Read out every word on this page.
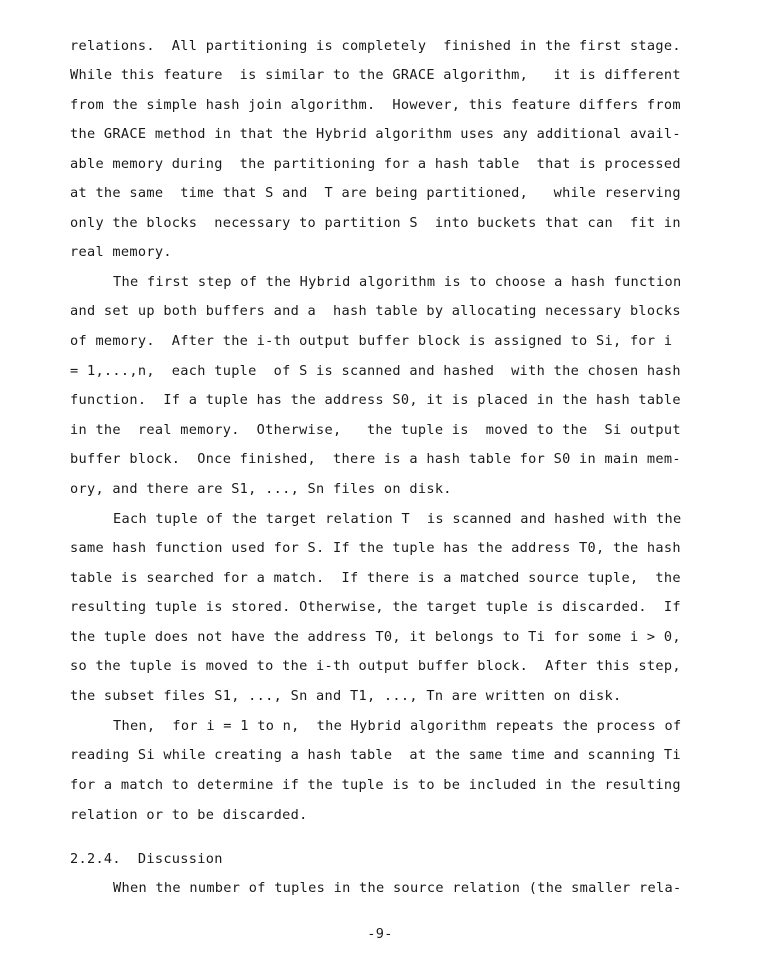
relations.  All partitioning is completely  finished in the first stage.
While this feature  is similar to the GRACE algorithm,   it is different
from the simple hash join algorithm.  However, this feature differs from
the GRACE method in that the Hybrid algorithm uses any additional avail-
able memory during  the partitioning for a hash table  that is processed
at the same  time that S and  T are being partitioned,   while reserving
only the blocks  necessary to partition S  into buckets that can  fit in
real memory.
The first step of the Hybrid algorithm is to choose a hash function
and set up both buffers and a  hash table by allocating necessary blocks
of memory.  After the i-th output buffer block is assigned to Si, for i
= 1,...,n,  each tuple  of S is scanned and hashed  with the chosen hash
function.  If a tuple has the address S0, it is placed in the hash table
in the  real memory.  Otherwise,   the tuple is  moved to the  Si output
buffer block.  Once finished,  there is a hash table for S0 in main mem-
ory, and there are S1, ..., Sn files on disk.
Each tuple of the target relation T  is scanned and hashed with the
same hash function used for S. If the tuple has the address T0, the hash
table is searched for a match.  If there is a matched source tuple,  the
resulting tuple is stored. Otherwise, the target tuple is discarded.  If
the tuple does not have the address T0, it belongs to Ti for some i > 0,
so the tuple is moved to the i-th output buffer block.  After this step,
the subset files S1, ..., Sn and T1, ..., Tn are written on disk.
Then,  for i = 1 to n,  the Hybrid algorithm repeats the process of
reading Si while creating a hash table  at the same time and scanning Ti
for a match to determine if the tuple is to be included in the resulting
relation or to be discarded.
2.2.4.  Discussion
When the number of tuples in the source relation (the smaller rela-
-9-
